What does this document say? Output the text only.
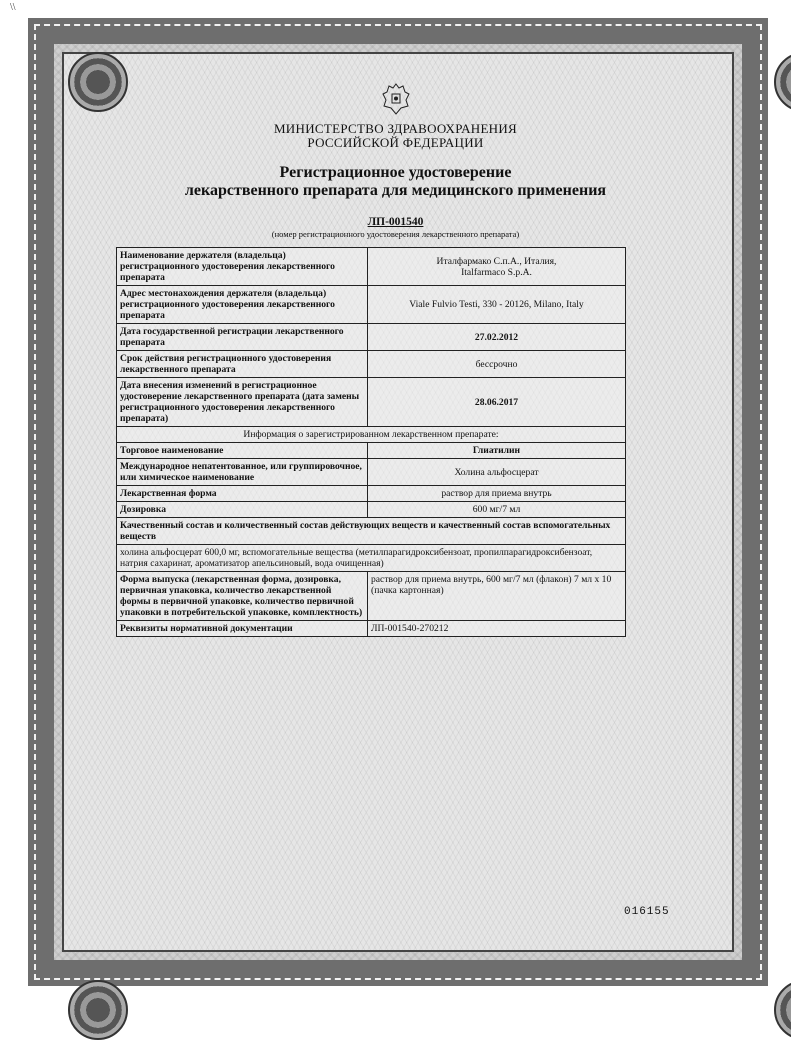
\\
МИНИСТЕРСТВО ЗДРАВООХРАНЕНИЯ
РОССИЙСКОЙ ФЕДЕРАЦИИ
Регистрационное удостоверение
лекарственного препарата для медицинского применения
ЛП-001540
(номер регистрационного удостоверения лекарственного препарата)
Наименование держателя (владельца) регистрационного удостоверения лекарственного препарата	Италфармако С.п.А., Италия,
Italfarmaco S.p.A.

Адрес местонахождения держателя (владельца) регистрационного удостоверения лекарственного препарата	Viale Fulvio Testi, 330 - 20126, Milano, Italy
Дата государственной регистрации лекарственного препарата	27.02.2012
Срок действия регистрационного удостоверения лекарственного препарата	бессрочно
Дата внесения изменений в регистрационное удостоверение лекарственного препарата (дата замены регистрационного удостоверения лекарственного препарата)	28.06.2017
Информация о зарегистрированном лекарственном препарате:	
Торговое наименование	Глиатилин
Международное непатентованное, или группировочное, или химическое наименование	Холина альфосцерат
Лекарственная форма	раствор для приема внутрь
Дозировка	600 мг/7 мл
Качественный состав и количественный состав действующих веществ и качественный состав вспомогательных веществ	
холина альфосцерат 600,0 мг, вспомогательные вещества (метилпарагидроксибензоат, пропилпарагидроксибензоат, натрия сахаринат, ароматизатор апельсиновый, вода очищенная)	
Форма выпуска (лекарственная форма, дозировка, первичная упаковка, количество лекарственной формы в первичной упаковке, количество первичной упаковки в потребительской упаковке, комплектность)	раствор для приема внутрь, 600 мг/7 мл (флакон) 7 мл х 10 (пачка картонная)
Реквизиты нормативной документации	ЛП-001540-270212
016155
